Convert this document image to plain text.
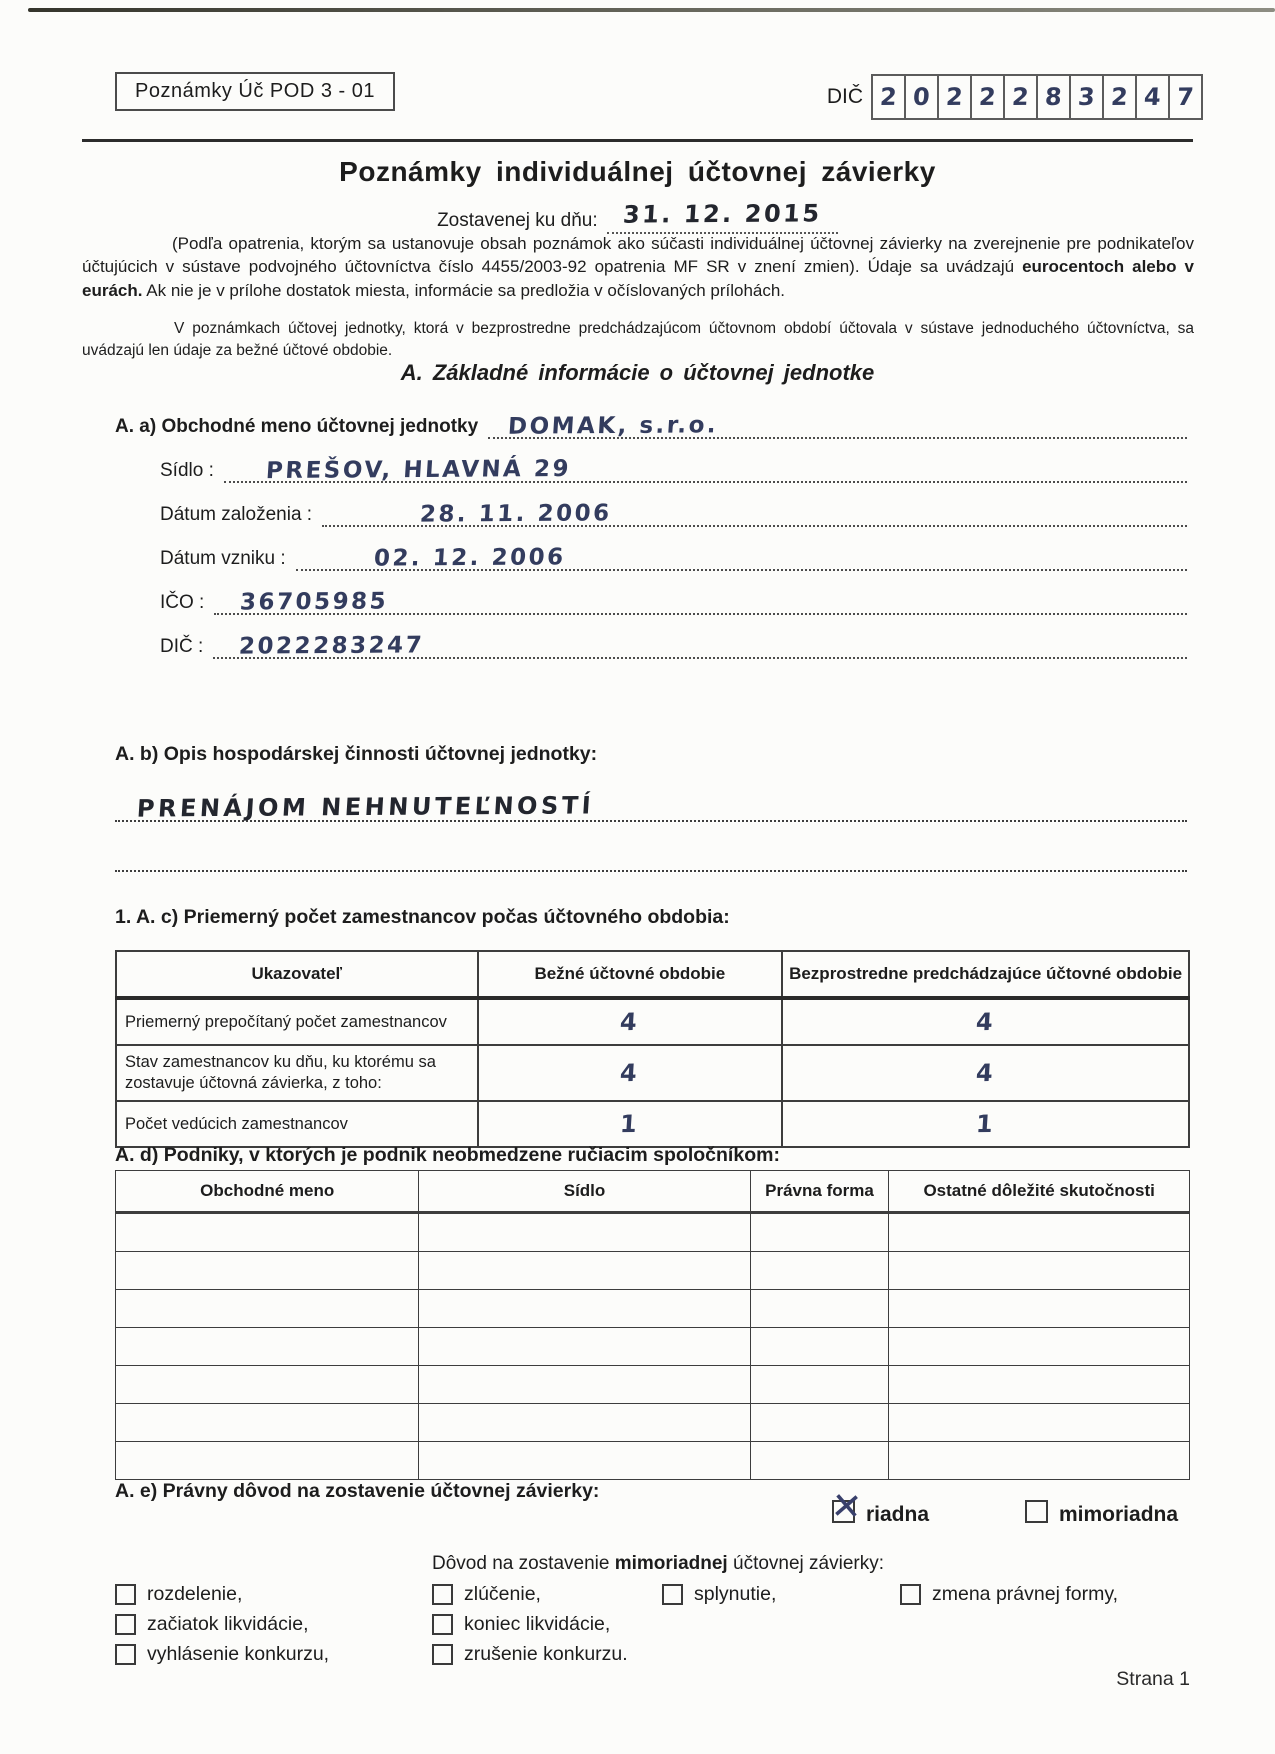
Poznámky Úč POD 3 - 01	DIČ 2 0 2 2 2 8 3 2 4 7
Poznámky individuálnej účtovnej závierky
Zostavenej ku dňu: 31. 12. 2015
(Podľa opatrenia, ktorým sa ustanovuje obsah poznámok ako súčasti individuálnej účtovnej závierky na zverejnenie pre podnikateľov účtujúcich v sústave podvojného účtovníctva číslo 4455/2003-92 opatrenia MF SR v znení zmien). Údaje sa uvádzajú eurocentoch alebo v eurách. Ak nie je v prílohe dostatok miesta, informácie sa predložia v očíslovaných prílohách.
V poznámkach účtovej jednotky, ktorá v bezprostredne predchádzajúcom účtovnom období účtovala v sústave jednoduchého účtovníctva, sa uvádzajú len údaje za bežné účtové obdobie.
A. Základné informácie o účtovnej jednotke
A. a) Obchodné meno účtovnej jednotky DOMAK, s.r.o.
Sídlo : PREŠOV, HLAVNÁ 29
Dátum založenia :	28. 11. 2006
Dátum vzniku :	02. 12. 2006
IČO : 36705985
DIČ : 2022283247
A. b) Opis hospodárskej činnosti účtovnej jednotky:
PRENÁJOM NEHNUTEĽNOSTÍ
1. A. c) Priemerný počet zamestnancov počas účtovného obdobia:
Ukazovateľ	Bežné účtovné obdobie	Bezprostredne predchádzajúce účtovné obdobie
Priemerný prepočítaný počet zamestnancov	4	4
Stav zamestnancov ku dňu, ku ktorému sa zostavuje účtovná závierka, z toho:	4	4
Počet vedúcich zamestnancov	1	1
A. d) Podniky, v ktorých je podnik neobmedzene ručiacim spoločníkom:
Obchodné meno	Sídlo	Právna forma	Ostatné dôležité skutočnosti

A. e) Právny dôvod na zostavenie účtovnej závierky:	✕ riadna	mimoriadna
Dôvod na zostavenie mimoriadnej účtovnej závierky:
rozdelenie,	zlúčenie,	splynutie,	zmena právnej formy,
začiatok likvidácie,	koniec likvidácie,
vyhlásenie konkurzu,	zrušenie konkurzu.
Strana 1
